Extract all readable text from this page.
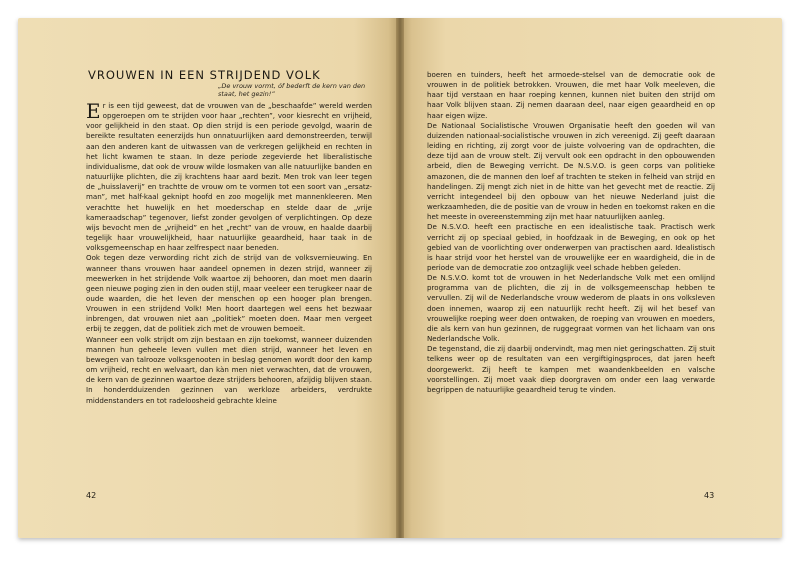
VROUWEN IN EEN STRIJDEND VOLK
„De vrouw vormt, óf bederft de kern van den staat, het gezin!”
E r is een tijd geweest, dat de vrouwen van de „beschaafde” wereld werden opgeroepen om te strijden voor haar „rechten”, voor kiesrecht en vrijheid, voor gelijkheid in den staat. Op dien strijd is een periode gevolgd, waarin de bereikte resultaten eenerzijds hun onnatuurlijken aard demonstreerden, terwijl aan den anderen kant de uitwassen van de verkregen gelijkheid en rechten in het licht kwamen te staan. In deze periode zegevierde het liberalistische individualisme, dat ook de vrouw wilde losmaken van alle natuurlijke banden en natuurlijke plichten, die zij krachtens haar aard bezit. Men trok van leer tegen de „huisslaverij” en trachtte de vrouw om te vormen tot een soort van „ersatz-man”, met half-kaal geknipt hoofd en zoo mogelijk met mannenkleeren. Men verachtte het huwelijk en het moederschap en stelde daar de „vrije kameraadschap” tegenover, liefst zonder gevolgen of verplichtingen. Op deze wijs bevocht men de „vrijheid” en het „recht” van de vrouw, en haalde daarbij tegelijk haar vrouwelijkheid, haar natuurlijke geaardheid, haar taak in de volksgemeenschap en haar zelfrespect naar beneden.
Ook tegen deze verwording richt zich de strijd van de volksvernieuwing. En wanneer thans vrouwen haar aandeel opnemen in dezen strijd, wanneer zij meewerken in het strijdende Volk waartoe zij behooren, dan moet men daarin geen nieuwe poging zien in den ouden stijl, maar veeleer een terugkeer naar de oude waarden, die het leven der menschen op een hooger plan brengen. Vrouwen in een strijdend Volk! Men hoort daartegen wel eens het bezwaar inbrengen, dat vrouwen niet aan „politiek” moeten doen. Maar men vergeet erbij te zeggen, dat de politiek zich met de vrouwen bemoeit.
Wanneer een volk strijdt om zijn bestaan en zijn toekomst, wanneer duizenden mannen hun geheele leven vullen met dien strijd, wanneer het leven en bewegen van talrooze volksgenooten in beslag genomen wordt door den kamp om vrijheid, recht en welvaart, dan kàn men niet verwachten, dat de vrouwen, de kern van de gezinnen waartoe deze strijders behooren, afzijdig blijven staan. In honderdduizenden gezinnen van werkloze arbeiders, verdrukte middenstanders en tot radeloosheid gebrachte kleine

boeren en tuinders, heeft het armoede-stelsel van de democratie ook de vrouwen in de politiek betrokken. Vrouwen, die met haar Volk meeleven, die haar tijd verstaan en haar roeping kennen, kunnen niet buiten den strijd om haar Volk blijven staan. Zij nemen daaraan deel, naar eigen geaardheid en op haar eigen wijze.

De Nationaal Socialistische Vrouwen Organisatie heeft den goeden wil van duizenden nationaal-socialistische vrouwen in zich vereenigd. Zij geeft daaraan leiding en richting, zij zorgt voor de juiste volvoering van de opdrachten, die deze tijd aan de vrouw stelt. Zij vervult ook een opdracht in den opbouwenden arbeid, dien de Beweging verricht. De N.S.V.O. is geen corps van politieke amazonen, die de mannen den loef af trachten te steken in felheid van strijd en handelingen. Zij mengt zich niet in de hitte van het gevecht met de reactie. Zij verricht integendeel bij den opbouw van het nieuwe Nederland juist die werkzaamheden, die de positie van de vrouw in heden en toekomst raken en die het meeste in overeenstemming zijn met haar natuurlijken aanleg.

De N.S.V.O. heeft een practische en een idealistische taak. Practisch werk verricht zij op speciaal gebied, in hoofdzaak in de Beweging, en ook op het gebied van de voorlichting over onderwerpen van practischen aard. Idealistisch is haar strijd voor het herstel van de vrouwelijke eer en waardigheid, die in de periode van de democratie zoo ontzaglijk veel schade hebben geleden.

De N.S.V.O. komt tot de vrouwen in het Nederlandsche Volk met een omlijnd programma van de plichten, die zij in de volksgemeenschap hebben te vervullen. Zij wil de Nederlandsche vrouw wederom de plaats in ons volksleven doen innemen, waarop zij een natuurlijk recht heeft. Zij wil het besef van vrouwelijke roeping weer doen ontwaken, de roeping van vrouwen en moeders, die als kern van hun gezinnen, de ruggegraat vormen van het lichaam van ons Nederlandsche Volk.

De tegenstand, die zij daarbij ondervindt, mag men niet geringschatten. Zij stuit telkens weer op de resultaten van een vergiftigingsproces, dat jaren heeft doorgewerkt. Zij heeft te kampen met waandenkbeelden en valsche voorstellingen. Zij moet vaak diep doorgraven om onder een laag verwarde begrippen de natuurlijke geaardheid terug te vinden.

42	43
